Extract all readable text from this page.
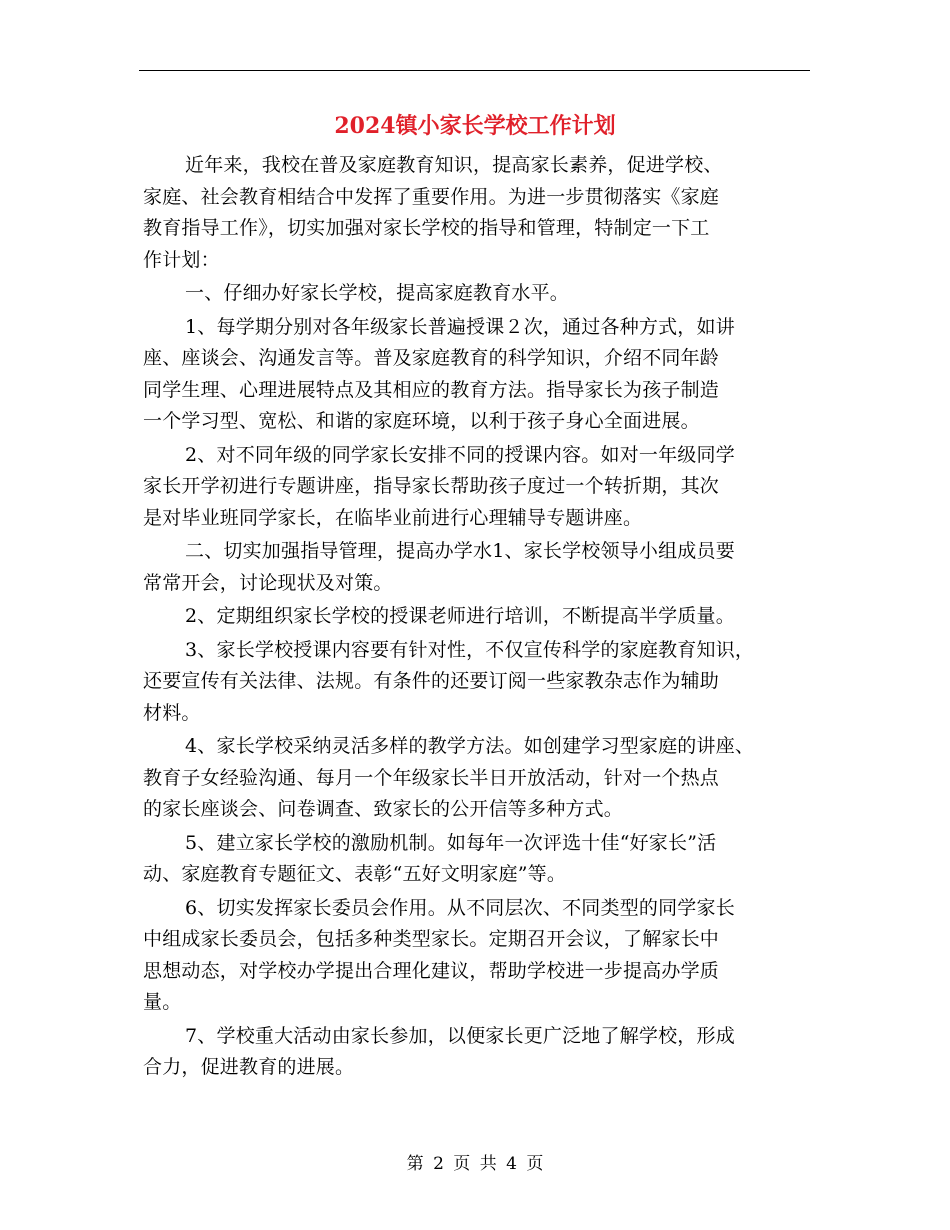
2024镇小家长学校工作计划
近年来，我校在普及家庭教育知识，提高家长素养，促进学校、
家庭、社会教育相结合中发挥了重要作用。为进一步贯彻落实《家庭
教育指导工作》，切实加强对家长学校的指导和管理，特制定一下工
作计划：
一、仔细办好家长学校，提高家庭教育水平。
1、每学期分别对各年级家长普遍授课２次，通过各种方式，如讲
座、座谈会、沟通发言等。普及家庭教育的科学知识，介绍不同年龄
同学生理、心理进展特点及其相应的教育方法。指导家长为孩子制造
一个学习型、宽松、和谐的家庭环境，以利于孩子身心全面进展。
2、对不同年级的同学家长安排不同的授课内容。如对一年级同学
家长开学初进行专题讲座，指导家长帮助孩子度过一个转折期，其次
是对毕业班同学家长，在临毕业前进行心理辅导专题讲座。
二、切实加强指导管理，提高办学水1、家长学校领导小组成员要
常常开会，讨论现状及对策。
2、定期组织家长学校的授课老师进行培训，不断提高半学质量。
3、家长学校授课内容要有针对性，不仅宣传科学的家庭教育知识，
还要宣传有关法律、法规。有条件的还要订阅一些家教杂志作为辅助
材料。
4、家长学校采纳灵活多样的教学方法。如创建学习型家庭的讲座、
教育子女经验沟通、每月一个年级家长半日开放活动，针对一个热点
的家长座谈会、问卷调查、致家长的公开信等多种方式。
5、建立家长学校的激励机制。如每年一次评选十佳“好家长”活
动、家庭教育专题征文、表彰“五好文明家庭”等。
6、切实发挥家长委员会作用。从不同层次、不同类型的同学家长
中组成家长委员会，包括多种类型家长。定期召开会议，了解家长中
思想动态，对学校办学提出合理化建议，帮助学校进一步提高办学质
量。
7、学校重大活动由家长参加，以便家长更广泛地了解学校，形成
合力，促进教育的进展。
第 2 页 共 4 页
